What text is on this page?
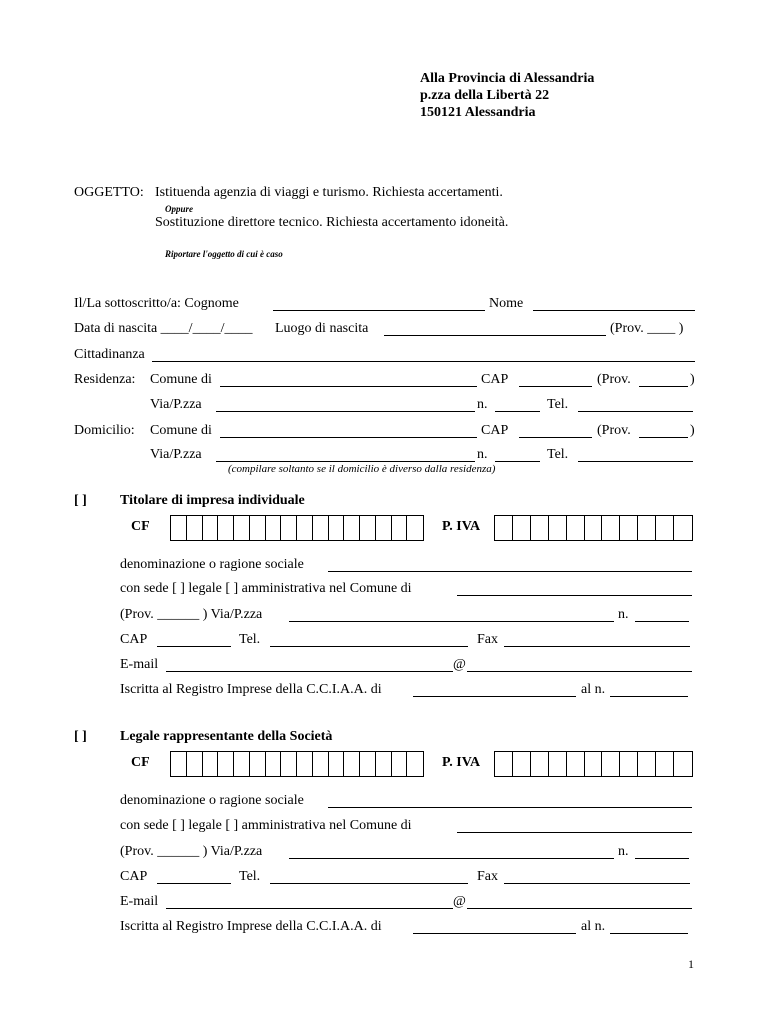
Alla Provincia di Alessandria
p.zza della Libertà 22
150121 Alessandria
OGGETTO: Istituenda agenzia di viaggi e turismo. Richiesta accertamenti.
Oppure
Sostituzione direttore tecnico. Richiesta accertamento idoneità.
Riportare l'oggetto di cui è caso
Il/La sottoscritto/a: Cognome	Nome
Data di nascita ____/____/____ Luogo di nascita	(Prov. ____ )
Cittadinanza
Residenza: Comune di	CAP	(Prov.	)
Via/P.zza	n.	Tel.
Domicilio: Comune di	CAP	(Prov.	)
Via/P.zza	n.	Tel.
(compilare soltanto se il domicilio è diverso dalla residenza)
[ ] Titolare di impresa individuale
CF	P. IVA
denominazione o ragione sociale
con sede [ ] legale [ ] amministrativa nel Comune di
(Prov. ______ ) Via/P.zza	n.
CAP	Tel.	Fax
E-mail	@
Iscritta al Registro Imprese della C.C.I.A.A. di	al n.
[ ] Legale rappresentante della Società
CF	P. IVA
denominazione o ragione sociale
con sede [ ] legale [ ] amministrativa nel Comune di
(Prov. ______ ) Via/P.zza	n.
CAP	Tel.	Fax
E-mail	@
Iscritta al Registro Imprese della C.C.I.A.A. di	al n.
1
